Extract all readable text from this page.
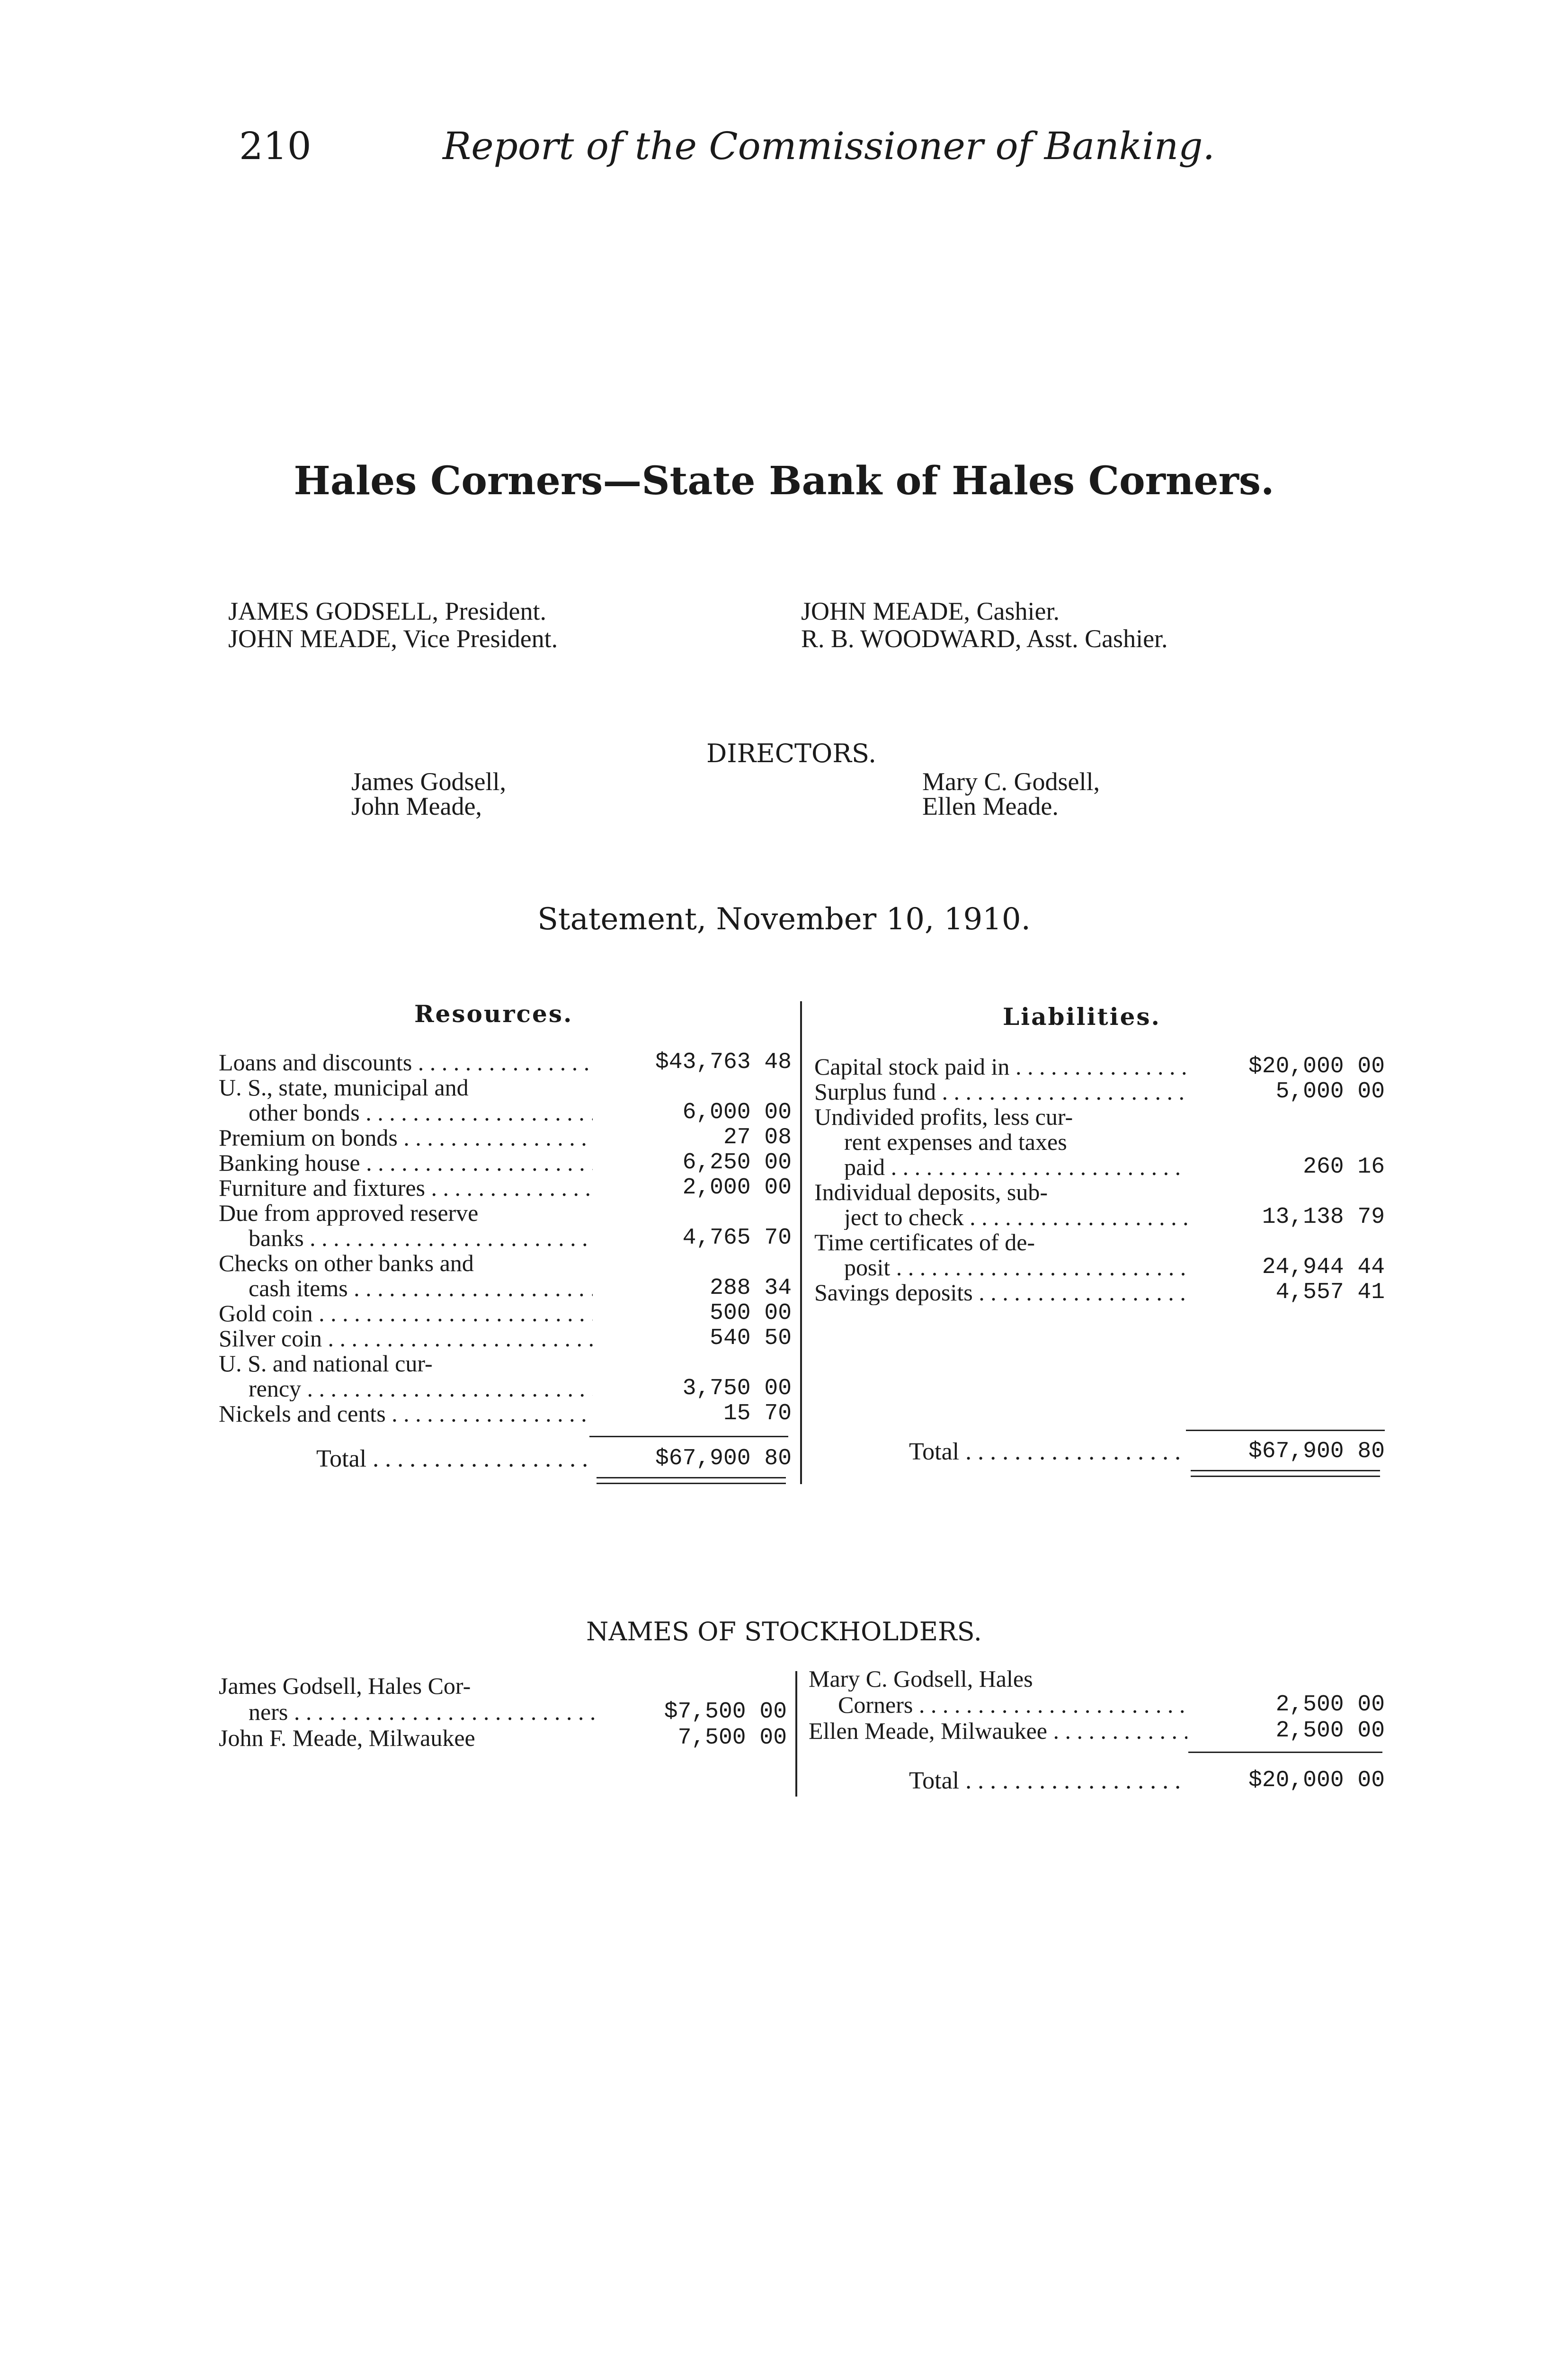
210	Report of the Commissioner of Banking.
Hales Corners—State Bank of Hales Corners.
JAMES GODSELL, President.
JOHN MEADE, Vice President.
JOHN MEADE, Cashier.
R. B. WOODWARD, Asst. Cashier.
DIRECTORS.
James Godsell,
John Meade,
Mary C. Godsell,
Ellen Meade.
Statement, November 10, 1910.
Resources.	Liabilities.
Loans and discounts . . .	$43,763 48
U. S., state, municipal and
other bonds . . .	6,000 00
Premium on bonds . . .	27 08
Banking house . . .	6,250 00
Furniture and fixtures . . .	2,000 00
Due from approved reserve
banks . . .	4,765 70
Checks on other banks and
cash items . . .	288 34
Gold coin . . .	500 00
Silver coin . . .	540 50
U. S. and national cur-
rency . . .	3,750 00
Nickels and cents . . .	15 70
Total . . .	$67,900 80
Capital stock paid in . . .	$20,000 00
Surplus fund . . .	5,000 00
Undivided profits, less cur-
rent expenses and taxes
paid . . .	260 16
Individual deposits, sub-
ject to check . . .	13,138 79
Time certificates of de-
posit . . .	24,944 44
Savings deposits . . .	4,557 41
Total . . .	$67,900 80
NAMES OF STOCKHOLDERS.
James Godsell, Hales Cor-
ners . . .	$7,500 00
John F. Meade, Milwaukee	7,500 00
Mary C. Godsell, Hales
Corners . . .	2,500 00
Ellen Meade, Milwaukee . . .	2,500 00
Total . . .	$20,000 00
